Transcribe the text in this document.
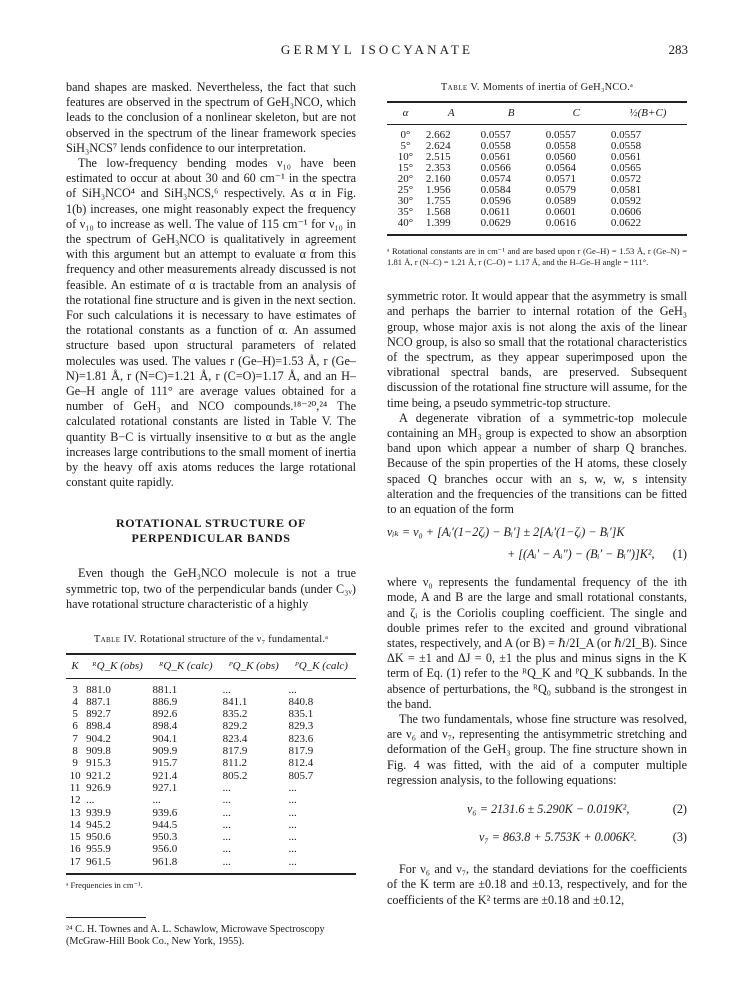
GERMYL ISOCYANATE	283

band shapes are masked. Nevertheless, the fact that such features are observed in the spectrum of GeH₃NCO, which leads to the conclusion of a nonlinear skeleton, but are not observed in the spectrum of the linear framework species SiH₃NCS⁷ lends confidence to our interpretation.

The low-frequency bending modes ν₁₀ have been estimated to occur at about 30 and 60 cm⁻¹ in the spectra of SiH₃NCO⁴ and SiH₃NCS,⁶ respectively. As α in Fig. 1(b) increases, one might reasonably expect the frequency of ν₁₀ to increase as well. The value of 115 cm⁻¹ for ν₁₀ in the spectrum of GeH₃NCO is qualitatively in agreement with this argument but an attempt to evaluate α from this frequency and other measurements already discussed is not feasible. An estimate of α is tractable from an analysis of the rotational fine structure and is given in the next section. For such calculations it is necessary to have estimates of the rotational constants as a function of α. An assumed structure based upon structural parameters of related molecules was used. The values r (Ge–H)=1.53 Å, r (Ge–N)=1.81 Å, r (N=C)=1.21 Å, r (C=O)=1.17 Å, and an H–Ge–H angle of 111° are average values obtained for a number of GeH₃ and NCO compounds.¹⁸⁻²⁰,²⁴ The calculated rotational constants are listed in Table V. The quantity B−C is virtually insensitive to α but as the angle increases large contributions to the small moment of inertia by the heavy off axis atoms reduces the large rotational constant quite rapidly.

ROTATIONAL STRUCTURE OF
PERPENDICULAR BANDS

Even though the GeH₃NCO molecule is not a true symmetric top, two of the perpendicular bands (under C₃ᵥ) have rotational structure characteristic of a highly

Table IV. Rotational structure of the ν₇ fundamental.ᵃ
K	ᴿQ_K (obs)	ᴿQ_K (calc)	ᴾQ_K (obs)	ᴾQ_K (calc)
3	881.0	881.1	...	...
4	887.1	886.9	841.1	840.8
5	892.7	892.6	835.2	835.1
6	898.4	898.4	829.2	829.3
7	904.2	904.1	823.4	823.6
8	909.8	909.9	817.9	817.9
9	915.3	915.7	811.2	812.4
10	921.2	921.4	805.2	805.7
11	926.9	927.1	...	...
12	...	...	...	...
13	939.9	939.6	...	...
14	945.2	944.5	...	...
15	950.6	950.3	...	...
16	955.9	956.0	...	...
17	961.5	961.8	...	...
ᵃ Frequencies in cm⁻¹.
²⁴ C. H. Townes and A. L. Schawlow, Microwave Spectroscopy (McGraw-Hill Book Co., New York, 1955).
Table V. Moments of inertia of GeH₃NCO.ᵃ
α	A	B	C	½(B+C)
0°	2.662	0.0557	0.0557	0.0557
5°	2.624	0.0558	0.0558	0.0558
10°	2.515	0.0561	0.0560	0.0561
15°	2.353	0.0566	0.0564	0.0565
20°	2.160	0.0574	0.0571	0.0572
25°	1.956	0.0584	0.0579	0.0581
30°	1.755	0.0596	0.0589	0.0592
35°	1.568	0.0611	0.0601	0.0606
40°	1.399	0.0629	0.0616	0.0622
ᵃ Rotational constants are in cm⁻¹ and are based upon r (Ge–H) = 1.53 Å, r (Ge–N) = 1.81 Å, r (N–C) = 1.21 Å, r (C–O) = 1.17 Å, and the H–Ge–H angle = 111°.

symmetric rotor. It would appear that the asymmetry is small and perhaps the barrier to internal rotation of the GeH₃ group, whose major axis is not along the axis of the linear NCO group, is also so small that the rotational characteristics of the spectrum, as they appear superimposed upon the vibrational spectral bands, are preserved. Subsequent discussion of the rotational fine structure will assume, for the time being, a pseudo symmetric-top structure.

A degenerate vibration of a symmetric-top molecule containing an MH₃ group is expected to show an absorption band upon which appear a number of sharp Q branches. Because of the spin properties of the H atoms, these closely spaced Q branches occur with an s, w, w, s intensity alteration and the frequencies of the transitions can be fitted to an equation of the form

νᵢₖ = ν₀ + [Aᵢ′(1−2ζᵢ) − Bᵢ′] ± 2[Aᵢ′(1−ζᵢ) − Bᵢ′]K
+ [(Aᵢ′ − Aᵢ″) − (Bᵢ′ − Bᵢ″)]K², (1)

where ν₀ represents the fundamental frequency of the ith mode, A and B are the large and small rotational constants, and ζᵢ is the Coriolis coupling coefficient. The single and double primes refer to the excited and ground vibrational states, respectively, and A (or B) = ℏ/2I_A (or ℏ/2I_B). Since ΔK = ±1 and ΔJ = 0, ±1 the plus and minus signs in the K term of Eq. (1) refer to the ᴿQ_K and ᴾQ_K subbands. In the absence of perturbations, the ᴿQ₀ subband is the strongest in the band.

The two fundamentals, whose fine structure was resolved, are ν₆ and ν₇, representing the antisymmetric stretching and deformation of the GeH₃ group. The fine structure shown in Fig. 4 was fitted, with the aid of a computer multiple regression analysis, to the following equations:

ν₆ = 2131.6 ± 5.290K − 0.019K²,	(2)
ν₇ = 863.8 + 5.753K + 0.006K².	(3)

For ν₆ and ν₇, the standard deviations for the coefficients of the K term are ±0.18 and ±0.13, respectively, and for the coefficients of the K² terms are ±0.18 and ±0.12,
